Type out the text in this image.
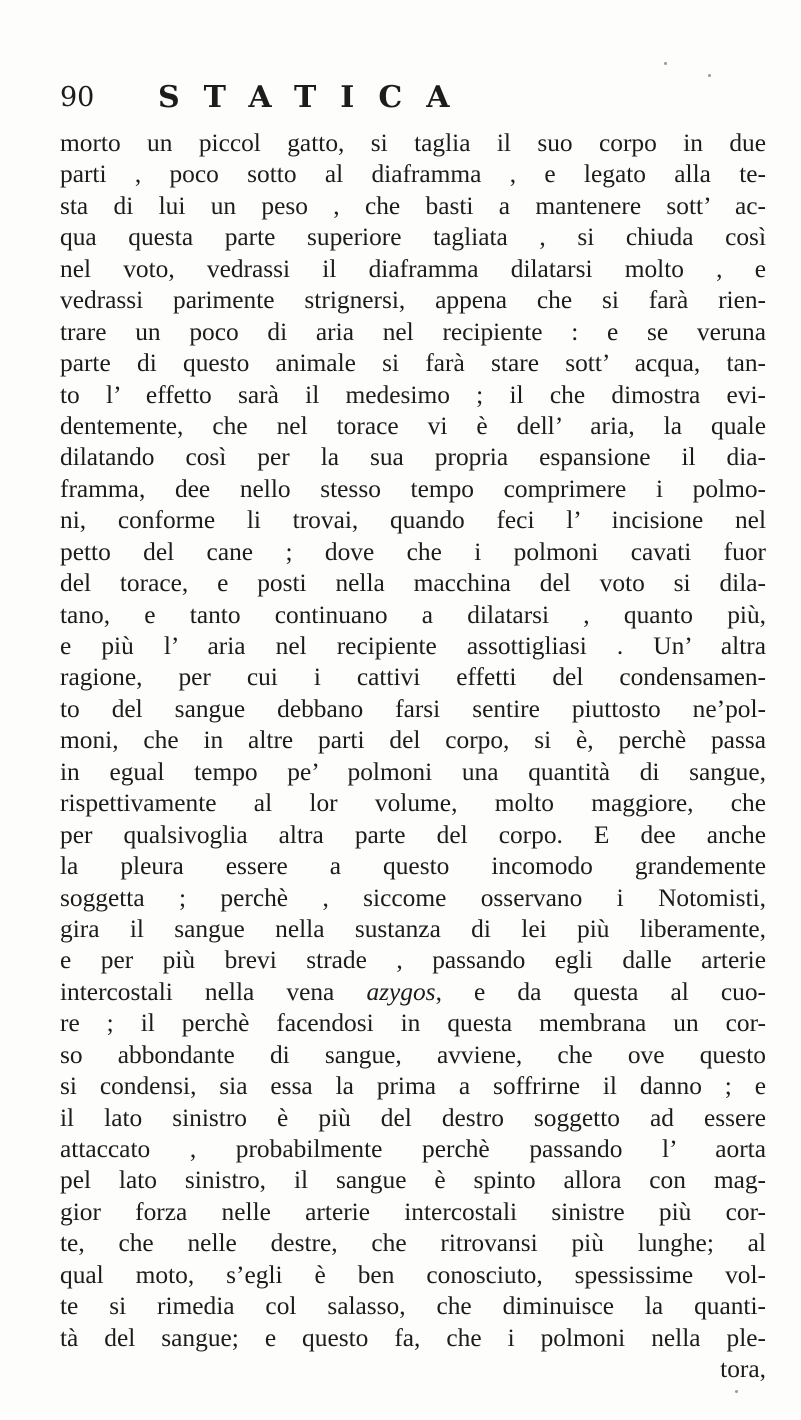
90 STATICA
morto un piccol gatto, si taglia il suo corpo in due
parti , poco sotto al diaframma , e legato alla te-
sta di lui un peso , che basti a mantenere sott’ ac-
qua questa parte superiore tagliata , si chiuda così
nel voto, vedrassi il diaframma dilatarsi molto , e
vedrassi parimente strignersi, appena che si farà rien-
trare un poco di aria nel recipiente : e se veruna
parte di questo animale si farà stare sott’ acqua, tan-
to l’ effetto sarà il medesimo ; il che dimostra evi-
dentemente, che nel torace vi è dell’ aria, la quale
dilatando così per la sua propria espansione il dia-
framma, dee nello stesso tempo comprimere i polmo-
ni, conforme li trovai, quando feci l’ incisione nel
petto del cane ; dove che i polmoni cavati fuor
del torace, e posti nella macchina del voto si dila-
tano, e tanto continuano a dilatarsi , quanto più,
e più l’ aria nel recipiente assottigliasi . Un’ altra
ragione, per cui i cattivi effetti del condensamen-
to del sangue debbano farsi sentire piuttosto ne’pol-
moni, che in altre parti del corpo, si è, perchè passa
in egual tempo pe’ polmoni una quantità di sangue,
rispettivamente al lor volume, molto maggiore, che
per qualsivoglia altra parte del corpo. E dee anche
la pleura essere a questo incomodo grandemente
soggetta ; perchè , siccome osservano i Notomisti,
gira il sangue nella sustanza di lei più liberamente,
e per più brevi strade , passando egli dalle arterie
intercostali nella vena azygos, e da questa al cuo-
re ; il perchè facendosi in questa membrana un cor-
so abbondante di sangue, avviene, che ove questo
si condensi, sia essa la prima a soffrirne il danno ; e
il lato sinistro è più del destro soggetto ad essere
attaccato , probabilmente perchè passando l’ aorta
pel lato sinistro, il sangue è spinto allora con mag-
gior forza nelle arterie intercostali sinistre più cor-
te, che nelle destre, che ritrovansi più lunghe; al
qual moto, s’egli è ben conosciuto, spessissime vol-
te si rimedia col salasso, che diminuisce la quanti-
tà del sangue; e questo fa, che i polmoni nella ple-
tora,
